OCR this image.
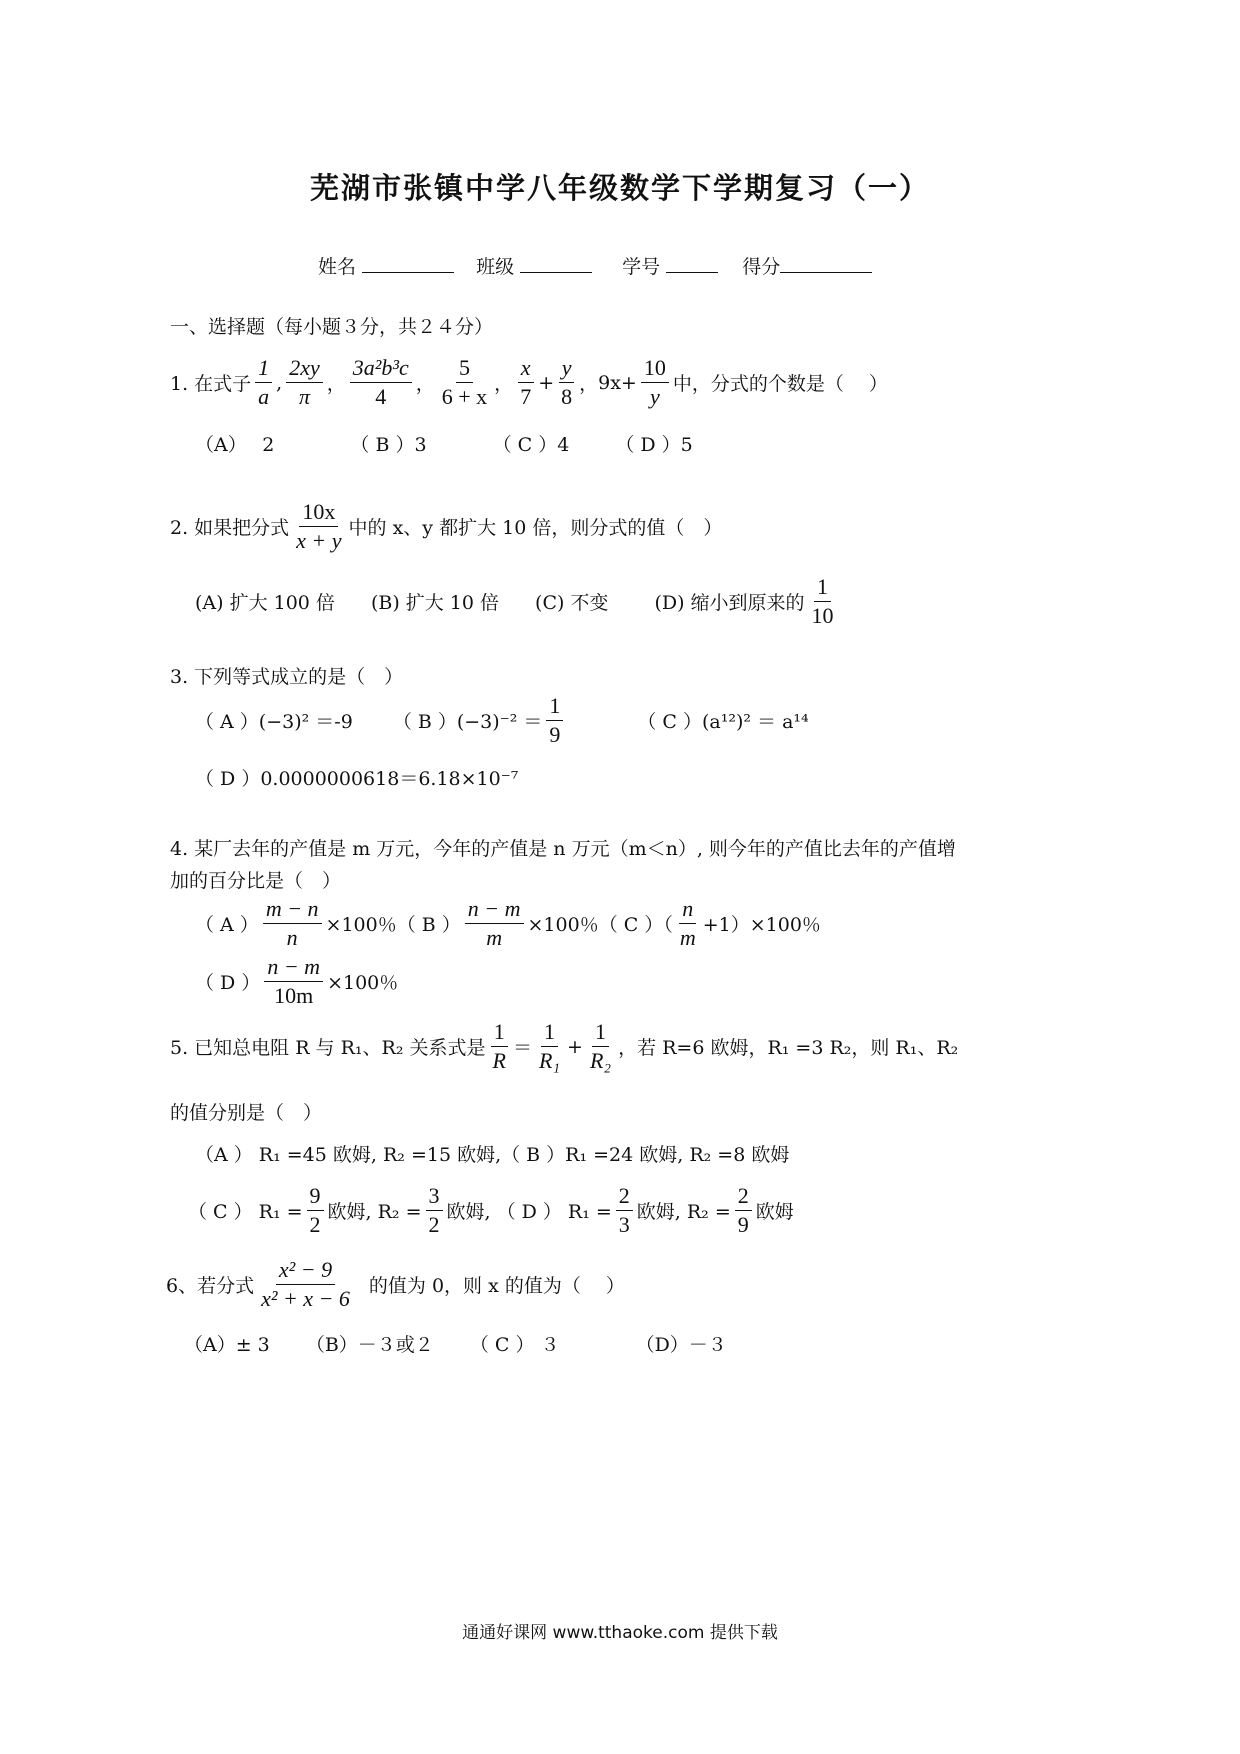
芜湖市张镇中学八年级数学下学期复习（一）
姓名	班级	学号	得分
一、选择题（每小题３分，共２４分）
1. 在式子 $\frac{1}{a}$ , $\frac{2xy}{\pi}$ ， $\frac{\text{3a²b³c}}{4}$ ， $\frac{5}{6 + x}$ ， $\frac{x}{7} + \frac{y}{8}$ ， $9x+ \frac{10}{y}$ 中，分式的个数是（　 ）
（A）　 2	（ B ）3	（ C ）4 （ D ）5
2. 如果把分式 $\frac{10x}{x + y}$ 中的 x、y 都扩大 10 倍，则分式的值（　）
(A) 扩大 100 倍 (B) 扩大 10 倍 (C) 不变 (D) 缩小到原来的 $\frac{1}{10}$
3. 下列等式成立的是（　）
（ A ）(−3)² ＝-9 （ B ）$(-3)^{-2} = \frac{1}{9}$	（ C ）(a¹²)² ＝ a¹⁴
（ D ）0.0000000618＝6.18×10⁻⁷
4. 某厂去年的产值是 m 万元，今年的产值是 n 万元（m＜n）, 则今年的产值比去年的产值增
加的百分比是（　）
（ A ） $\frac{m - n}{n} \times 100$％ （ B ） $\frac{n - m}{m} \times 100$％ （ C ）（ $\frac{n}{m} +1)\times 100$％
（ D ） $\frac{n - m}{10m} \times 100$％
5. 已知总电阻 R 与 R₁、R₂ 关系式是 $\frac{1}{R} = \frac{1}{\text{R₁}} + \frac{1}{\text{R₂}}$ ，若 R=6 欧姆，R₁ =3 R₂，则 R₁、R₂
的值分别是（　）
（A ） R₁ =45 欧姆, R₂ =15 欧姆,（ B ）R₁ =24 欧姆, R₂ =8 欧姆
（ C ） $R_1 = \frac{9}{2}$ 欧姆, $R_2 = \frac{3}{2}$ 欧姆, （ D ） $R_1 = \frac{2}{3}$ 欧姆, $R_2 = \frac{2}{9}$ 欧姆
6、若分式 $\frac{\text{x² − 9}}{\text{x² + x − 6}}$ 的值为 0，则 x 的值为（　 ）
（A）± 3 （B）－３或２ （ C ） ３	（D）－３
通通好课网 www.tthaoke.com 提供下载
